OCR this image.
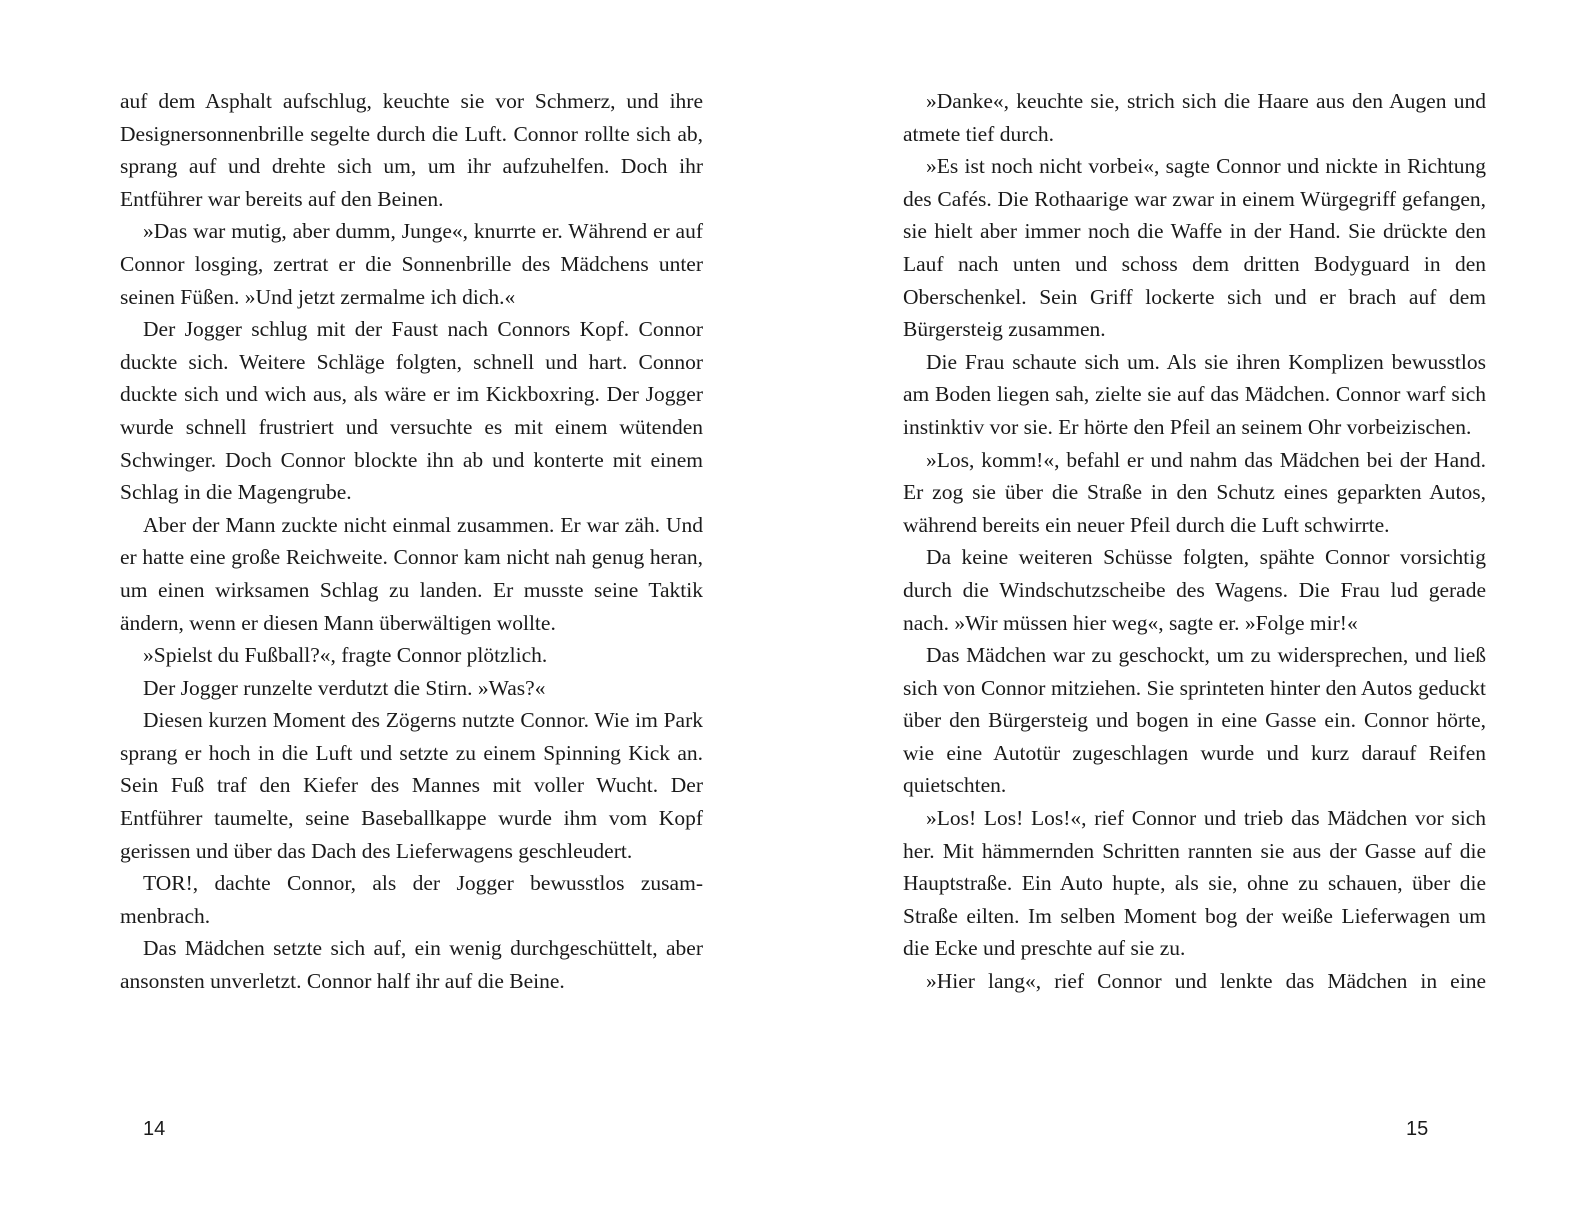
auf dem Asphalt aufschlug, keuchte sie vor Schmerz, und ihre Designersonnenbrille segelte durch die Luft. Connor rollte sich ab, sprang auf und drehte sich um, um ihr aufzuhelfen. Doch ihr Entführer war bereits auf den Beinen.

»Das war mutig, aber dumm, Junge«, knurrte er. Während er auf Connor losging, zertrat er die Sonnenbrille des Mädchens unter seinen Füßen. »Und jetzt zermalme ich dich.«

Der Jogger schlug mit der Faust nach Connors Kopf. Connor duckte sich. Weitere Schläge folgten, schnell und hart. Connor duckte sich und wich aus, als wäre er im Kickboxring. Der Jogger wurde schnell frustriert und versuchte es mit einem wütenden Schwinger. Doch Connor blockte ihn ab und konterte mit einem Schlag in die Magengrube.

Aber der Mann zuckte nicht einmal zusammen. Er war zäh. Und er hatte eine große Reichweite. Connor kam nicht nah genug heran, um einen wirksamen Schlag zu landen. Er musste seine Taktik ändern, wenn er diesen Mann überwältigen wollte.

»Spielst du Fußball?«, fragte Connor plötzlich.

Der Jogger runzelte verdutzt die Stirn. »Was?«

Diesen kurzen Moment des Zögerns nutzte Connor. Wie im Park sprang er hoch in die Luft und setzte zu einem Spinning Kick an. Sein Fuß traf den Kiefer des Mannes mit voller Wucht. Der Entführer taumelte, seine Baseballkappe wurde ihm vom Kopf gerissen und über das Dach des Lieferwagens geschleudert.

TOR!, dachte Connor, als der Jogger bewusstlos zusammenbrach.

Das Mädchen setzte sich auf, ein wenig durchgeschüttelt, aber ansonsten unverletzt. Connor half ihr auf die Beine.

»Danke«, keuchte sie, strich sich die Haare aus den Augen und atmete tief durch.

»Es ist noch nicht vorbei«, sagte Connor und nickte in Richtung des Cafés. Die Rothaarige war zwar in einem Würgegriff gefangen, sie hielt aber immer noch die Waffe in der Hand. Sie drückte den Lauf nach unten und schoss dem dritten Bodyguard in den Oberschenkel. Sein Griff lockerte sich und er brach auf dem Bürgersteig zusammen.

Die Frau schaute sich um. Als sie ihren Komplizen bewusstlos am Boden liegen sah, zielte sie auf das Mädchen. Connor warf sich instinktiv vor sie. Er hörte den Pfeil an seinem Ohr vorbeizischen.

»Los, komm!«, befahl er und nahm das Mädchen bei der Hand. Er zog sie über die Straße in den Schutz eines geparkten Autos, während bereits ein neuer Pfeil durch die Luft schwirrte.

Da keine weiteren Schüsse folgten, spähte Connor vorsichtig durch die Windschutzscheibe des Wagens. Die Frau lud gerade nach. »Wir müssen hier weg«, sagte er. »Folge mir!«

Das Mädchen war zu geschockt, um zu widersprechen, und ließ sich von Connor mitziehen. Sie sprinteten hinter den Autos geduckt über den Bürgersteig und bogen in eine Gasse ein. Connor hörte, wie eine Autotür zugeschlagen wurde und kurz darauf Reifen quietschten.

»Los! Los! Los!«, rief Connor und trieb das Mädchen vor sich her. Mit hämmernden Schritten rannten sie aus der Gasse auf die Hauptstraße. Ein Auto hupte, als sie, ohne zu schauen, über die Straße eilten. Im selben Moment bog der weiße Lieferwagen um die Ecke und preschte auf sie zu.

»Hier lang«, rief Connor und lenkte das Mädchen in eine

14	15
